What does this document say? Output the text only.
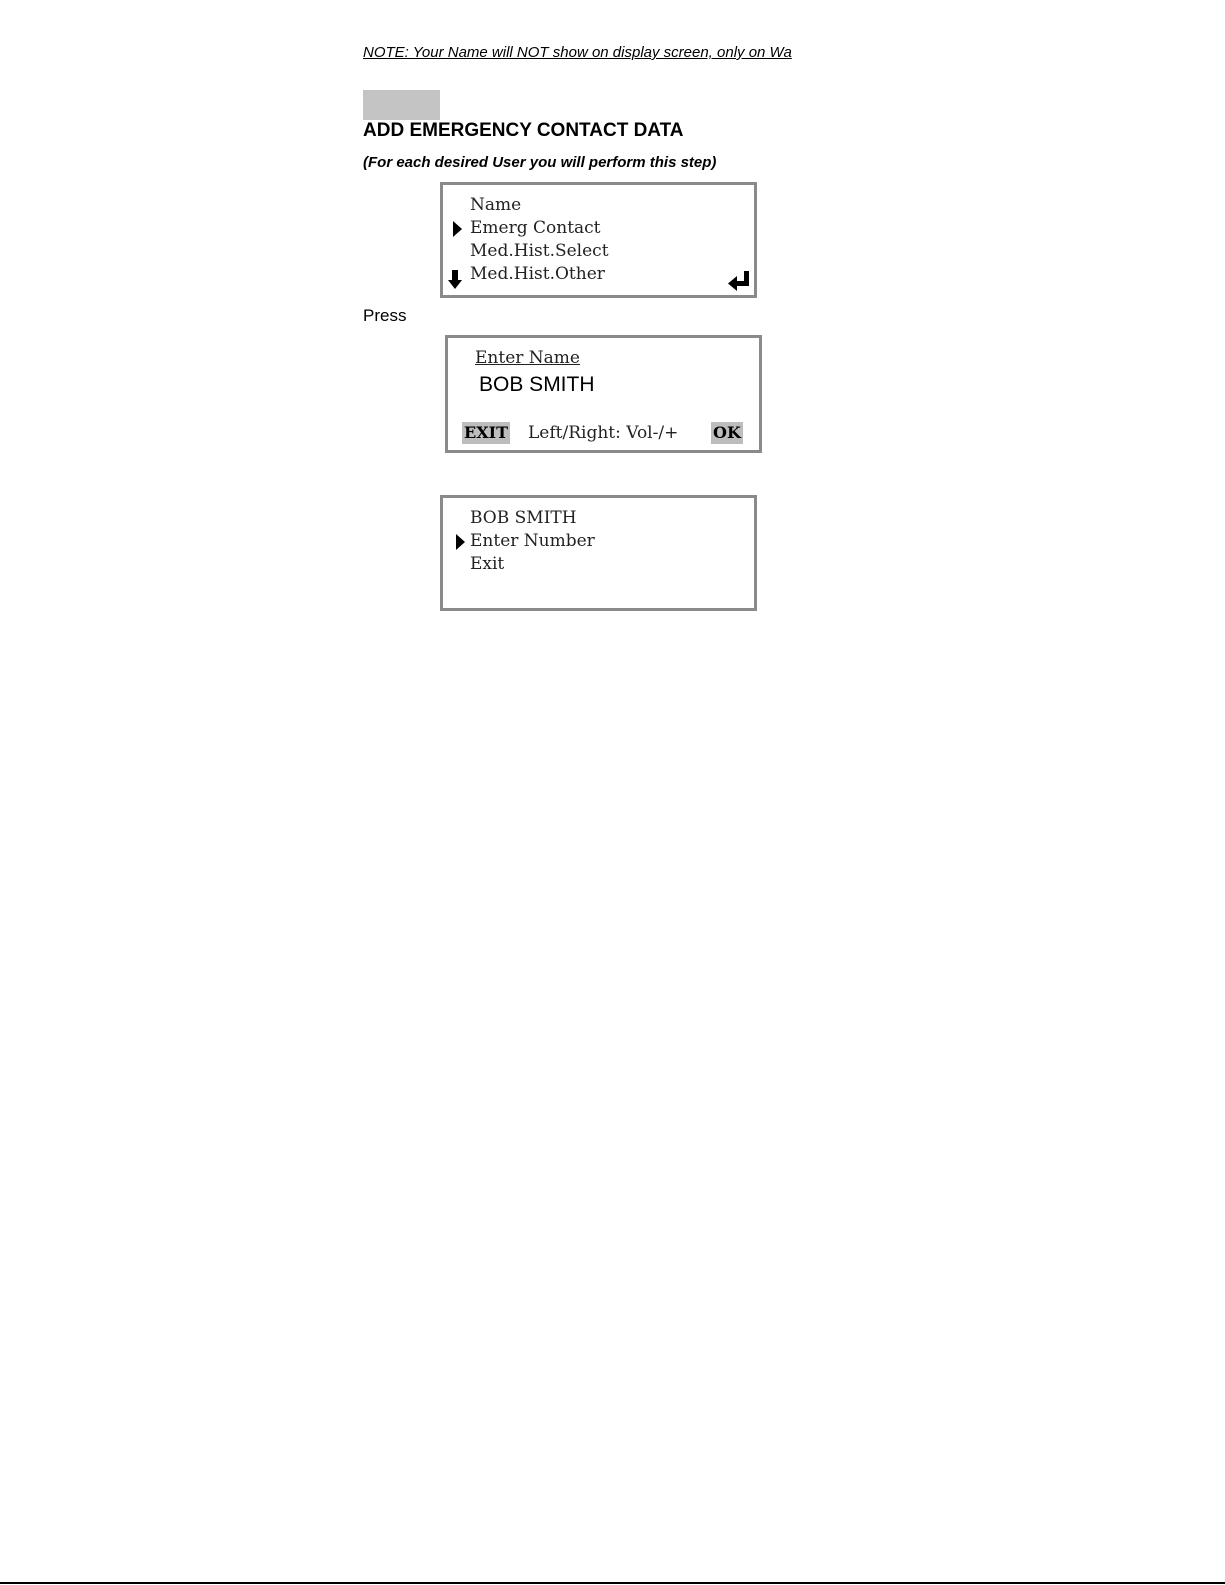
NOTE: Your Name will NOT show on display screen, only on Wa
ADD EMERGENCY CONTACT DATA
(For each desired User you will perform this step)
Name
Emerg Contact
Med.Hist.Select
Med.Hist.Other
Press
Enter Name
BOB SMITH
EXIT Left/Right: Vol-/+ OK
BOB SMITH
Enter Number
Exit
